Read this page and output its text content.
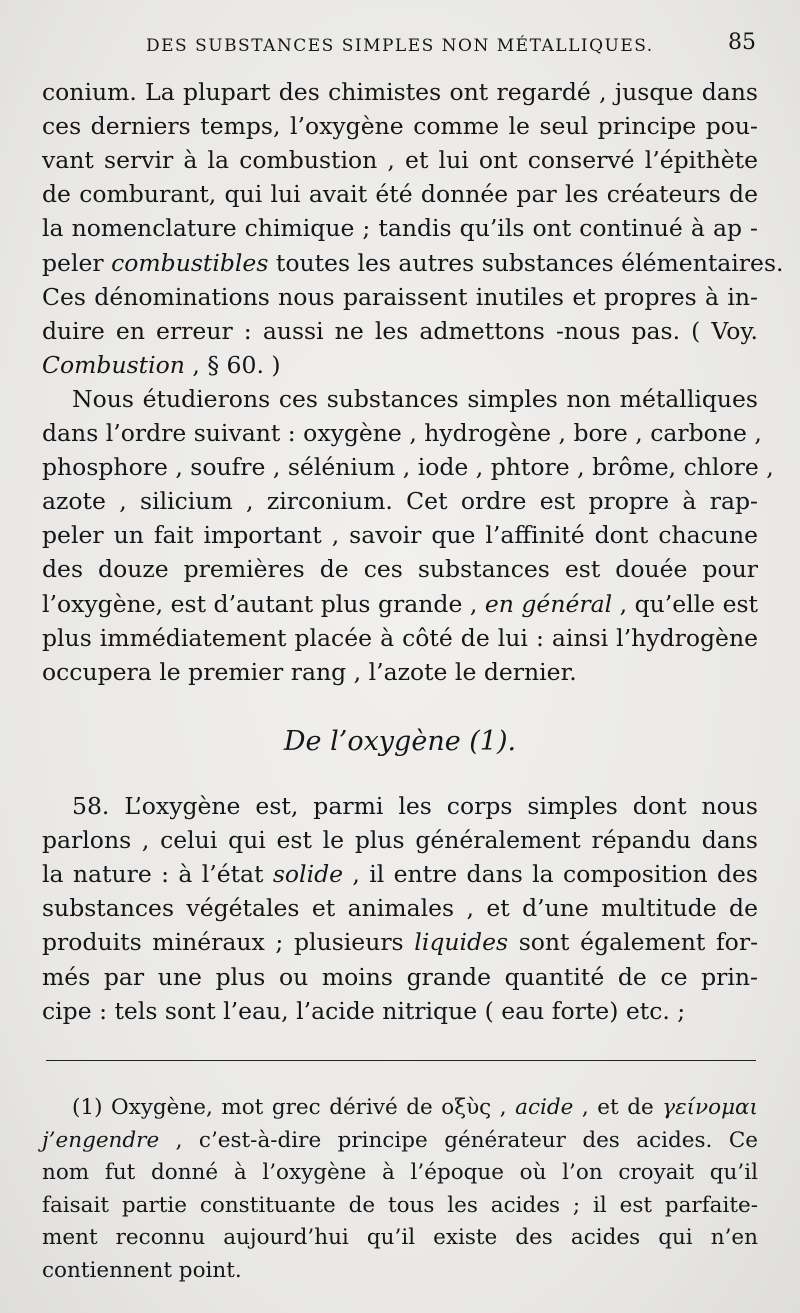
DES SUBSTANCES SIMPLES NON MÉTALLIQUES.	85
conium. La plupart des chimistes ont regardé , jusque dans
ces derniers temps, l’oxygène comme le seul principe pou-
vant servir à la combustion , et lui ont conservé l’épithète
de comburant, qui lui avait été donnée par les créateurs de
la nomenclature chimique ; tandis qu’ils ont continué à ap -
peler combustibles toutes les autres substances élémentaires.
Ces dénominations nous paraissent inutiles et propres à in-
duire en erreur : aussi ne les admettons -nous pas. ( Voy.
Combustion , § 60. )
Nous étudierons ces substances simples non métalliques
dans l’ordre suivant : oxygène , hydrogène , bore , carbone ,
phosphore , soufre , sélénium , iode , phtore , brôme, chlore ,
azote , silicium , zirconium. Cet ordre est propre à rap-
peler un fait important , savoir que l’affinité dont chacune
des douze premières de ces substances est douée pour
l’oxygène, est d’autant plus grande , en général , qu’elle est
plus immédiatement placée à côté de lui : ainsi l’hydrogène
occupera le premier rang , l’azote le dernier.
De l’oxygène (1).
58. L’oxygène est, parmi les corps simples dont nous
parlons , celui qui est le plus généralement répandu dans
la nature : à l’état solide , il entre dans la composition des
substances végétales et animales , et d’une multitude de
produits minéraux ; plusieurs liquides sont également for-
més par une plus ou moins grande quantité de ce prin-
cipe : tels sont l’eau, l’acide nitrique ( eau forte) etc. ;
(1) Oxygène, mot grec dérivé de οξὺς , acide , et de γείνομαι
j’engendre , c’est-à-dire principe générateur des acides. Ce
nom fut donné à l’oxygène à l’époque où l’on croyait qu’il
faisait partie constituante de tous les acides ; il est parfaite-
ment reconnu aujourd’hui qu’il existe des acides qui n’en
contiennent point.
